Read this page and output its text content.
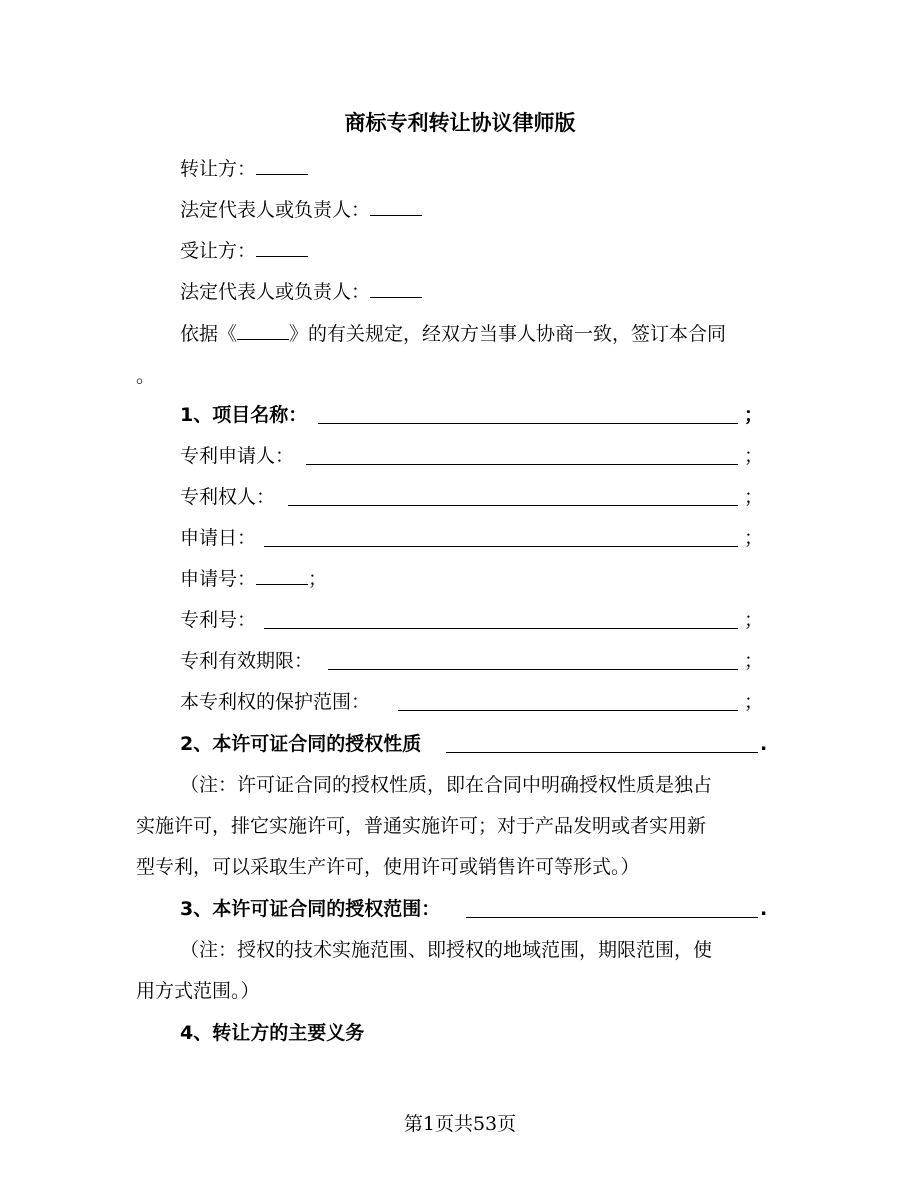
商标专利转让协议律师版
转让方：
法定代表人或负责人：
受让方：
法定代表人或负责人：
依据《	》的有关规定，经双方当事人协商一致，签订本合同
。
1、项目名称：	；
专利申请人：	；
专利权人：	；
申请日：	；
申请号：	；
专利号：	；
专利有效期限：	；
本专利权的保护范围：	；
2、本许可证合同的授权性质	.
（注：许可证合同的授权性质，即在合同中明确授权性质是独占
实施许可，排它实施许可，普通实施许可；对于产品发明或者实用新
型专利，可以采取生产许可，使用许可或销售许可等形式。）
3、本许可证合同的授权范围：	.
（注：授权的技术实施范围、即授权的地域范围，期限范围，使
用方式范围。）
4、转让方的主要义务
第1页共53页
